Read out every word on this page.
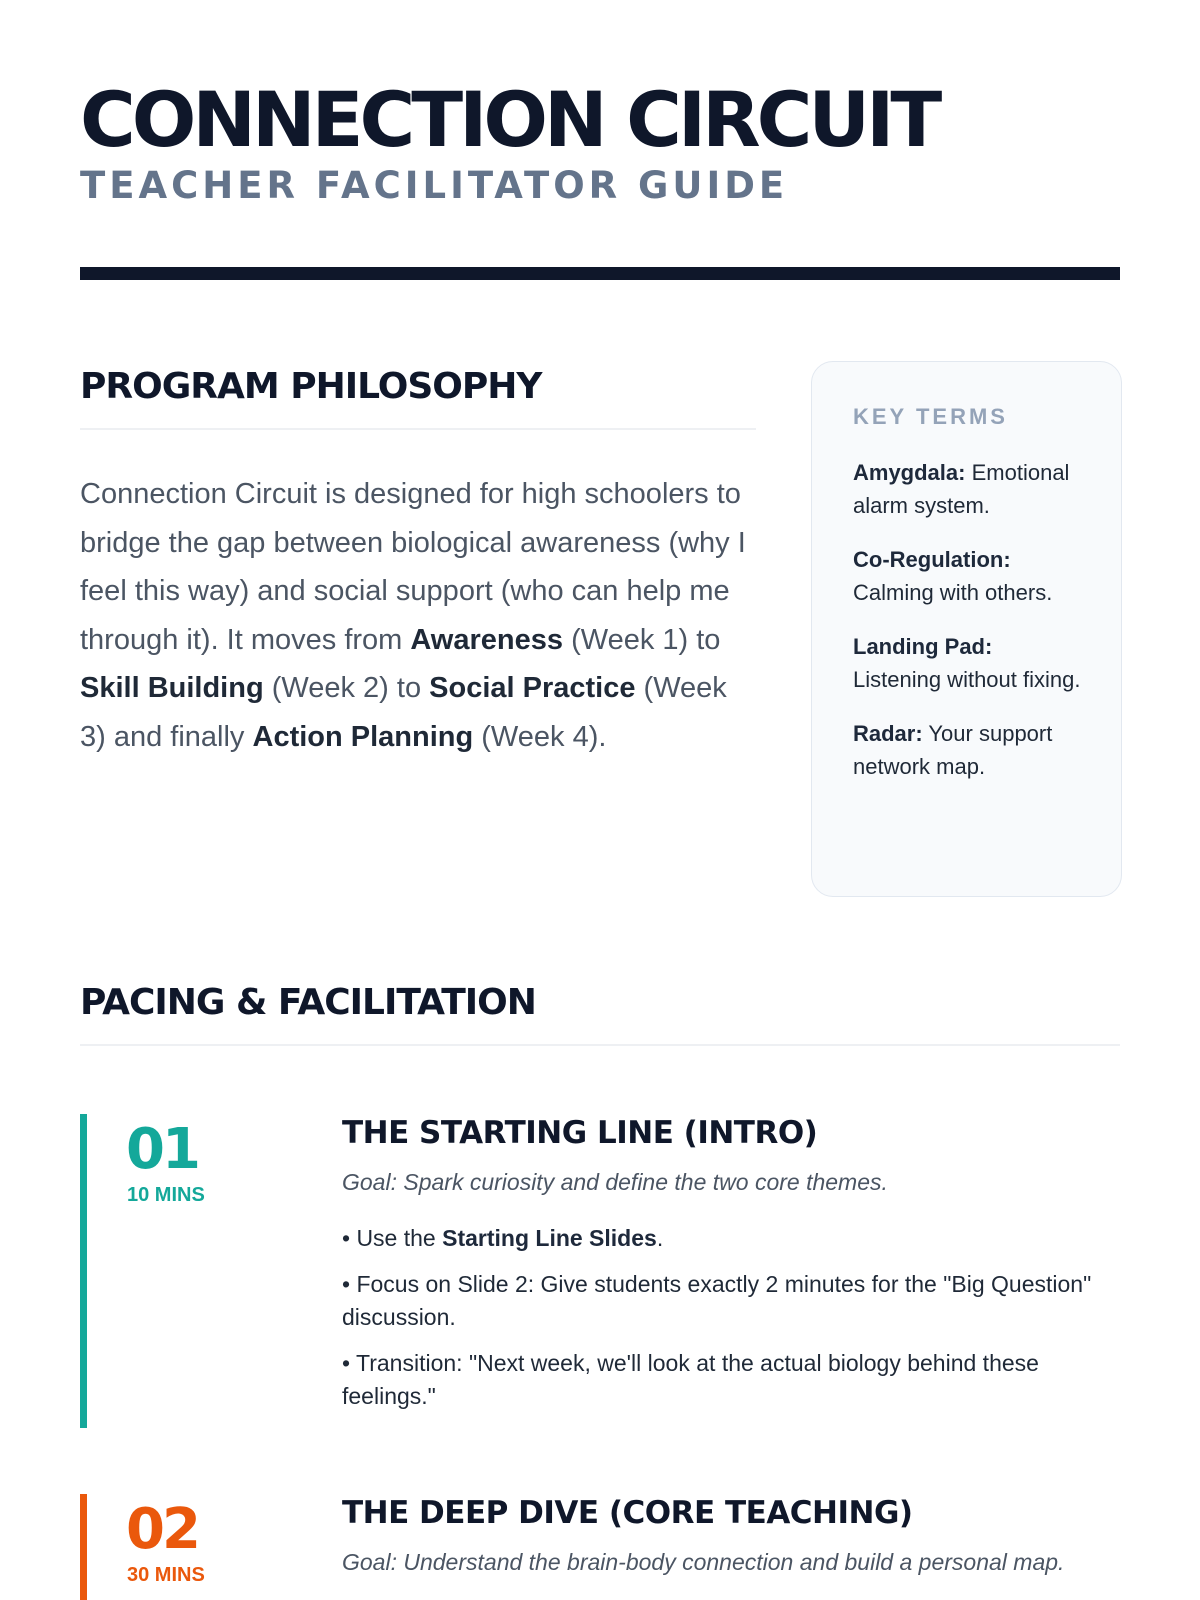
CONNECTION CIRCUIT
TEACHER FACILITATOR GUIDE
PROGRAM PHILOSOPHY

Connection Circuit is designed for high schoolers to bridge the gap between biological awareness (why I feel this way) and social support (who can help me through it). It moves from Awareness (Week 1) to Skill Building (Week 2) to Social Practice (Week 3) and finally Action Planning (Week 4).

KEY TERMS

Amygdala: Emotional alarm system.

Co-Regulation: Calming with others.

Landing Pad: Listening without fixing.

Radar: Your support network map.

PACING & FACILITATION

01

10 MINS

THE STARTING LINE (INTRO)

Goal: Spark curiosity and define the two core themes.

• Use the Starting Line Slides.
• Focus on Slide 2: Give students exactly 2 minutes for the "Big Question" discussion.
• Transition: "Next week, we'll look at the actual biology behind these feelings."

02

30 MINS

THE DEEP DIVE (CORE TEACHING)

Goal: Understand the brain-body connection and build a personal map.
